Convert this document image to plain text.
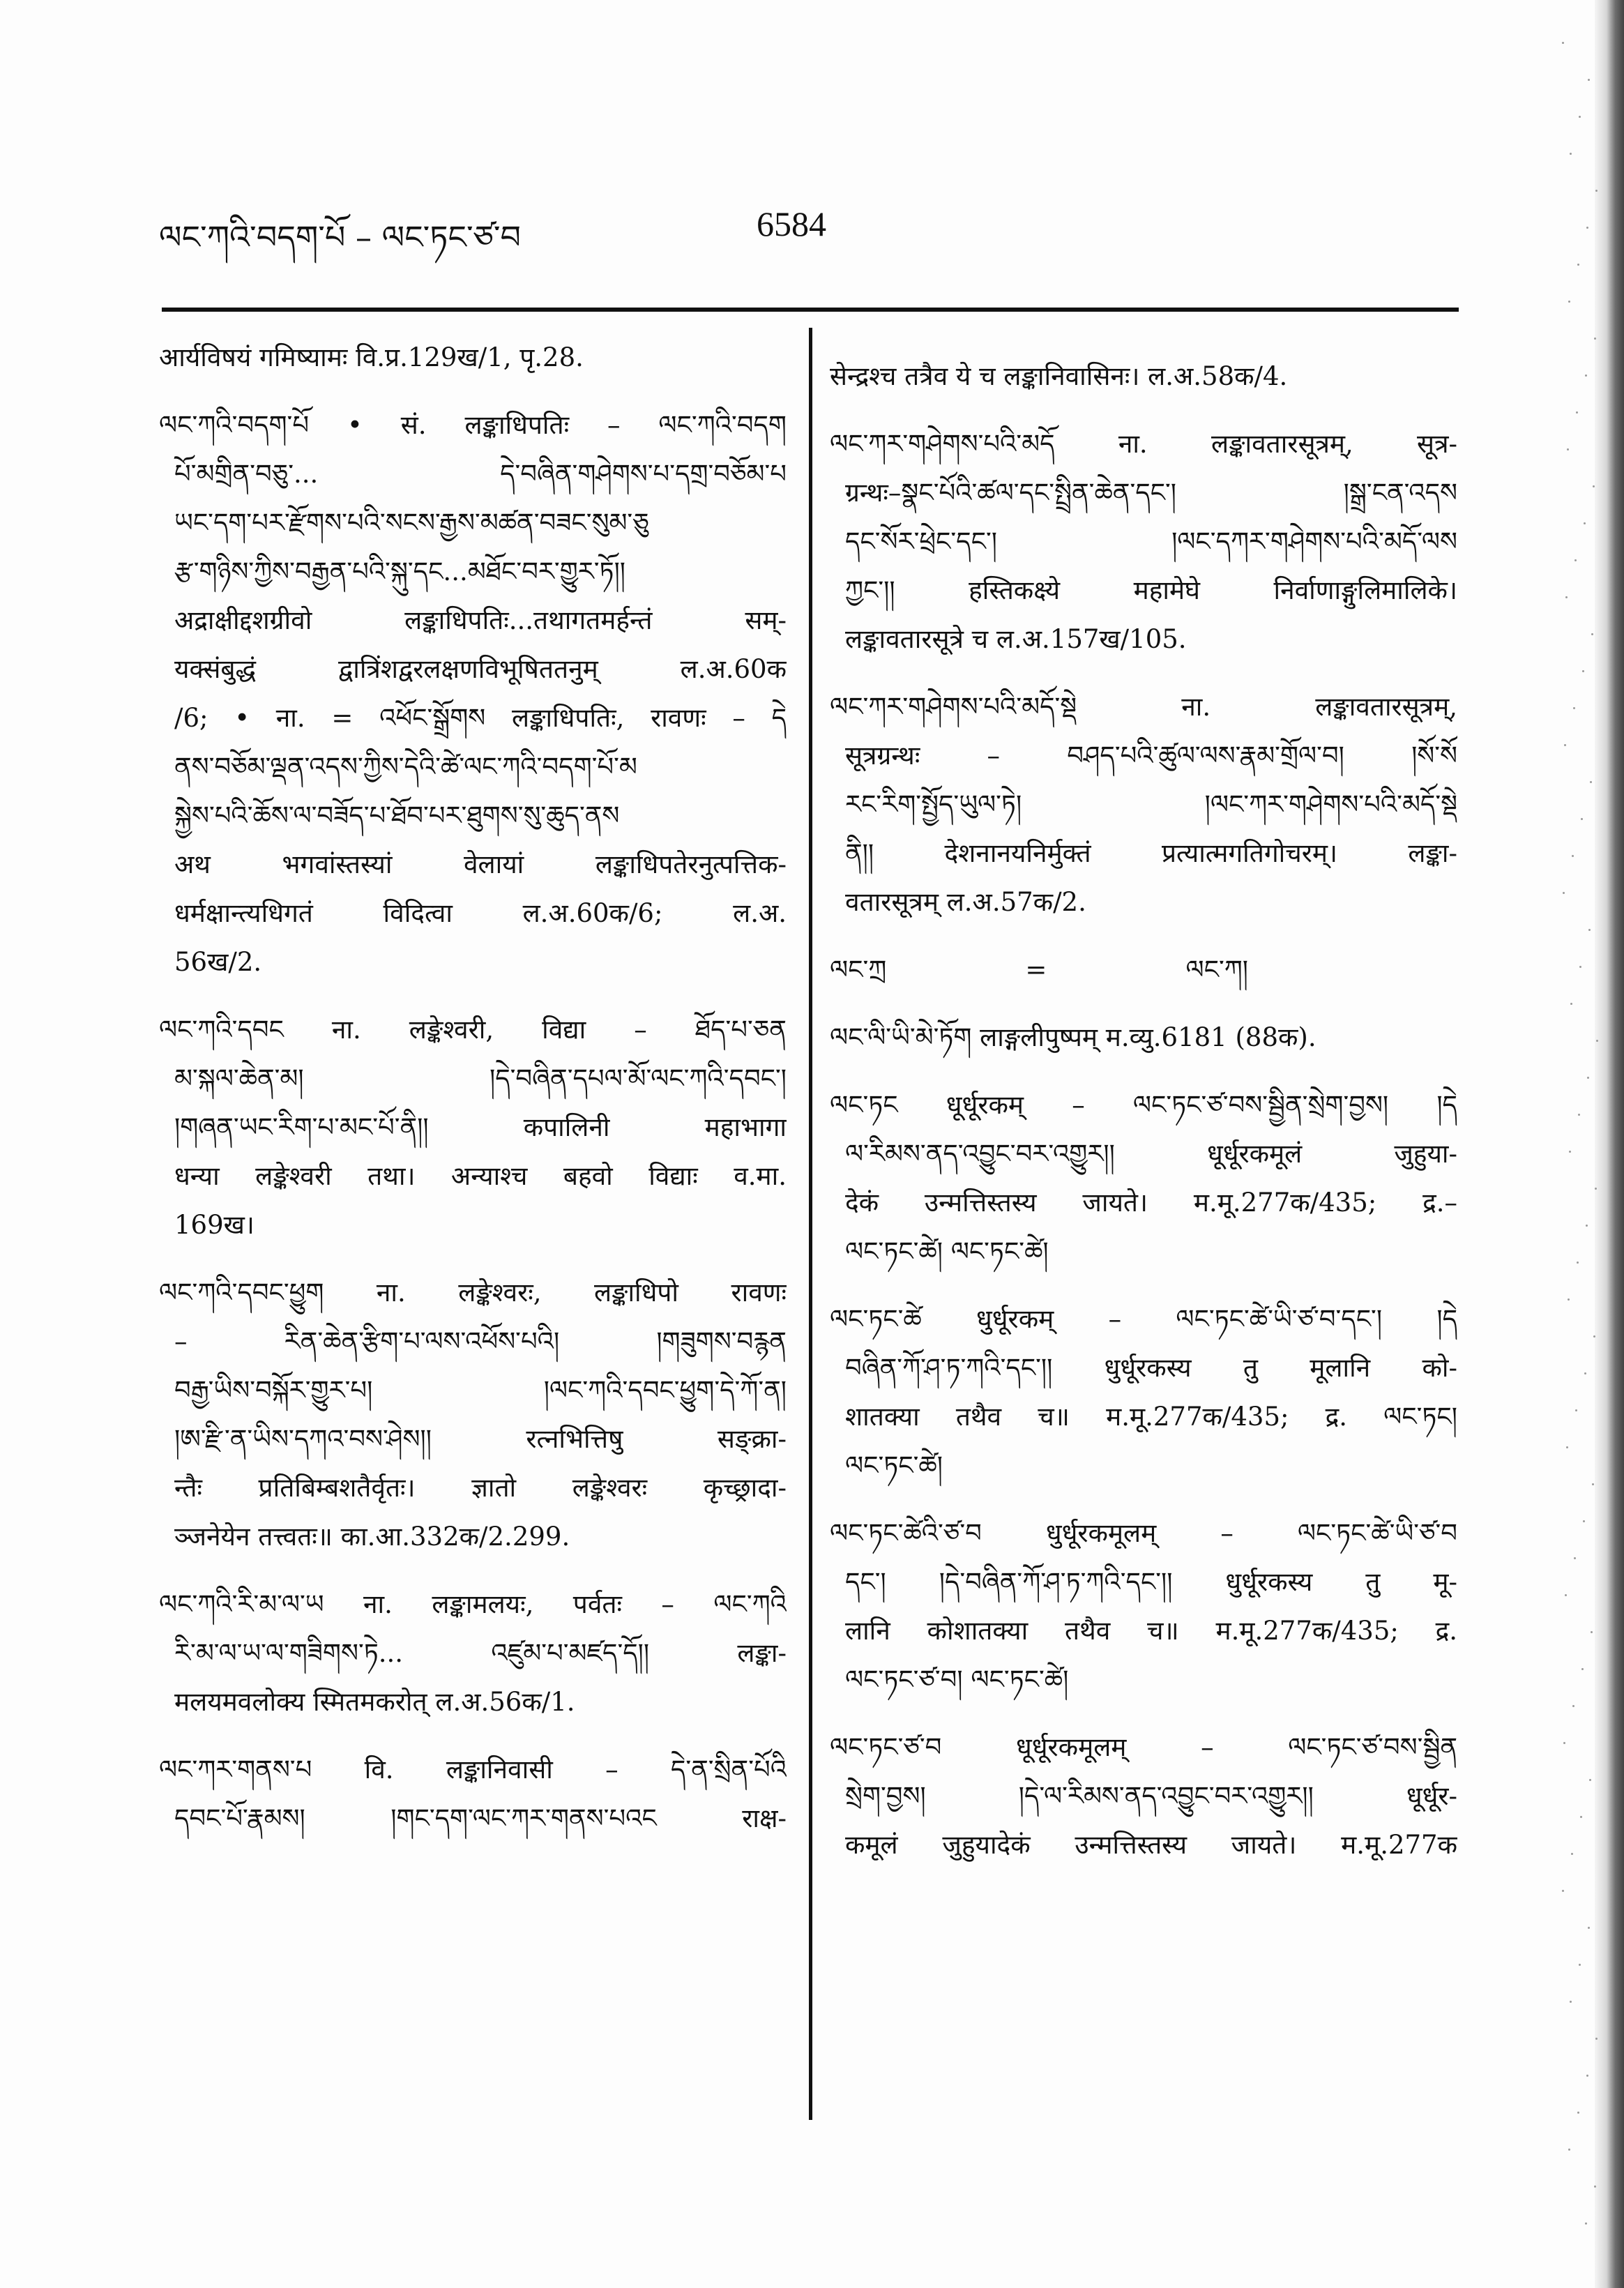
ལང་ཀའི་བདག་པོ – ལང་ཏང་ཙ་བ	6584
आर्यविषयं गमिष्यामः वि.प्र.129ख/1, पृ.28.
ལང་ཀའི་བདག་པོ • सं. लङ्काधिपतिः – ལང་ཀའི་བདག
པོ་མགྲིན་བཅུ་... དེ་བཞིན་གཤེགས་པ་དགྲ་བཅོམ་པ
ཡང་དག་པར་རྫོགས་པའི་སངས་རྒྱས་མཚན་བཟང་སུམ་ཅུ
རྩ་གཉིས་ཀྱིས་བརྒྱན་པའི་སྐུ་དང...མཐོང་བར་གྱུར་ཏོ།།
अद्राक्षीद्दशग्रीवो लङ्काधिपतिः...तथागतमर्हन्तं सम्-
यक्संबुद्धं द्वात्रिंशद्वरलक्षणविभूषिततनुम् ल.अ.60क
/6; • ना. = འཕོང་སྒྲོགས लङ्काधिपतिः, रावणः – དེ
ནས་བཅོམ་ལྡན་འདས་ཀྱིས་དེའི་ཚེ་ལང་ཀའི་བདག་པོ་མ
སྐྱེས་པའི་ཆོས་ལ་བཟོད་པ་ཐོབ་པར་ཐུགས་སུ་ཆུད་ནས
अथ भगवांस्तस्यां वेलायां लङ्काधिपतेरनुत्पत्तिक-
धर्मक्षान्त्यधिगतं विदित्वा ल.अ.60क/6; ल.अ.
56ख/2.
ལང་ཀའི་དབང ना. लङ्केश्वरी, विद्या – ཐོད་པ་ཅན
མ་སྐལ་ཆེན་མ། །དེ་བཞིན་དཔལ་མོ་ལང་ཀའི་དབང་།
།གཞན་ཡང་རིག་པ་མང་པོ་ནི།། कपालिनी महाभागा
धन्या लङ्केश्वरी तथा। अन्याश्च बहवो विद्याः व.मा.
169ख।
ལང་ཀའི་དབང་ཕྱུག ना. लङ्केश्वरः, लङ्काधिपो रावणः
– རིན་ཆེན་རྩིག་པ་ལས་འཕོས་པའི། །གཟུགས་བརྙན
བརྒྱ་ཡིས་བསྐོར་གྱུར་པ། །ལང་ཀའི་དབང་ཕྱུག་དེ་ཀོ་ན།
།ཨ་རྫི་ན་ཡིས་དཀའ་བས་ཤེས།། रत्नभित्तिषु सङ्क्रा-
न्तैः प्रतिबिम्बशतैर्वृतः। ज्ञातो लङ्केश्वरः कृच्छ्रादा-
ञ्जनेयेन तत्त्वतः॥ का.आ.332क/2.299.
ལང་ཀའི་རི་མ་ལ་ཡ ना. लङ्कामलयः, पर्वतः – ལང་ཀའི
རི་མ་ལ་ཡ་ལ་གཟིགས་ཏེ... འཛུམ་པ་མཛད་དོ།། लङ्का-
मलयमवलोक्य स्मितमकरोत् ल.अ.56क/1.
ལང་ཀར་གནས་པ वि. लङ्कानिवासी – དེ་ན་སྲིན་པོའི
དབང་པོ་རྣམས། །གང་དག་ལང་ཀར་གནས་པའང राक्ष-
सेन्द्रश्च तत्रैव ये च लङ्कानिवासिनः। ल.अ.58क/4.
ལང་ཀར་གཤེགས་པའི་མདོ ना. लङ्कावतारसूत्रम्, सूत्र-
ग्रन्थः–སྣང་པོའི་ཚལ་དང་སྤྲིན་ཆེན་དང་། །སྒྲ་ངན་འདས
དང་སོར་ཕྲེང་དང་། །ལང་དཀར་གཤེགས་པའི་མདོ་ལས
ཀྱང་།། हस्तिकक्ष्ये महामेघे निर्वाणाङ्गुलिमालिके।
लङ्कावतारसूत्रे च ल.अ.157ख/105.
ལང་ཀར་གཤེགས་པའི་མདོ་སྡེ ना. लङ्कावतारसूत्रम्,
सूत्रग्रन्थः – བཤད་པའི་ཚུལ་ལས་རྣམ་གྲོལ་བ། །སོ་སོ
རང་རིག་སྤྱོད་ཡུལ་ཏེ། །ལང་ཀར་གཤེགས་པའི་མདོ་སྡེ
ནི།། देशनानयनिर्मुक्तं प्रत्यात्मगतिगोचरम्। लङ्का-
वतारसूत्रम् ल.अ.57क/2.
ལང་ཀྲ	=	ལང་ཀ།
ལང་ལི་ཡི་མེ་ཏོག लाङ्गलीपुष्पम् म.व्यु.6181 (88क).
ལང་ཏང धूर्धूरकम् – ལང་ཏང་ཙ་བས་སྦྱིན་སྲེག་བྱས། །དེ
ལ་རིམས་ནད་འབྱུང་བར་འགྱུར།། धूर्धूरकमूलं जुहुया-
देकं उन्मत्तिस्तस्य जायते। म.मू.277क/435; द्र.–
ལང་ཏང་ཚེ། ལང་ཏང་ཚེ།
ལང་ཏང་ཚེ धुर्धूरकम् – ལང་ཏང་ཚེ་ཡི་ཙ་བ་དང་། །དེ
བཞིན་ཀོ་ཤ་ཏ་ཀའི་དང་།། धुर्धूरकस्य तु मूलानि को-
शातक्या तथैव च॥ म.मू.277क/435; द्र. ལང་ཏང།
ལང་ཏང་ཚེ།
ལང་ཏང་ཚེའི་ཙ་བ धुर्धूरकमूलम् – ལང་ཏང་ཚེ་ཡི་ཙ་བ
དང་། །དེ་བཞིན་ཀོ་ཤ་ཏ་ཀའི་དང་།། धुर्धूरकस्य तु मू-
लानि कोशातक्या तथैव च॥ म.मू.277क/435; द्र.
ལང་ཏང་ཙ་བ། ལང་ཏང་ཚེ།
ལང་ཏང་ཙ་བ धूर्धूरकमूलम् – ལང་ཏང་ཙ་བས་སྦྱིན
སྲེག་བྱས། །དེ་ལ་རིམས་ནད་འབྱུང་བར་འགྱུར།། धूर्धूर-
कमूलं जुहुयादेकं उन्मत्तिस्तस्य जायते। म.मू.277क
